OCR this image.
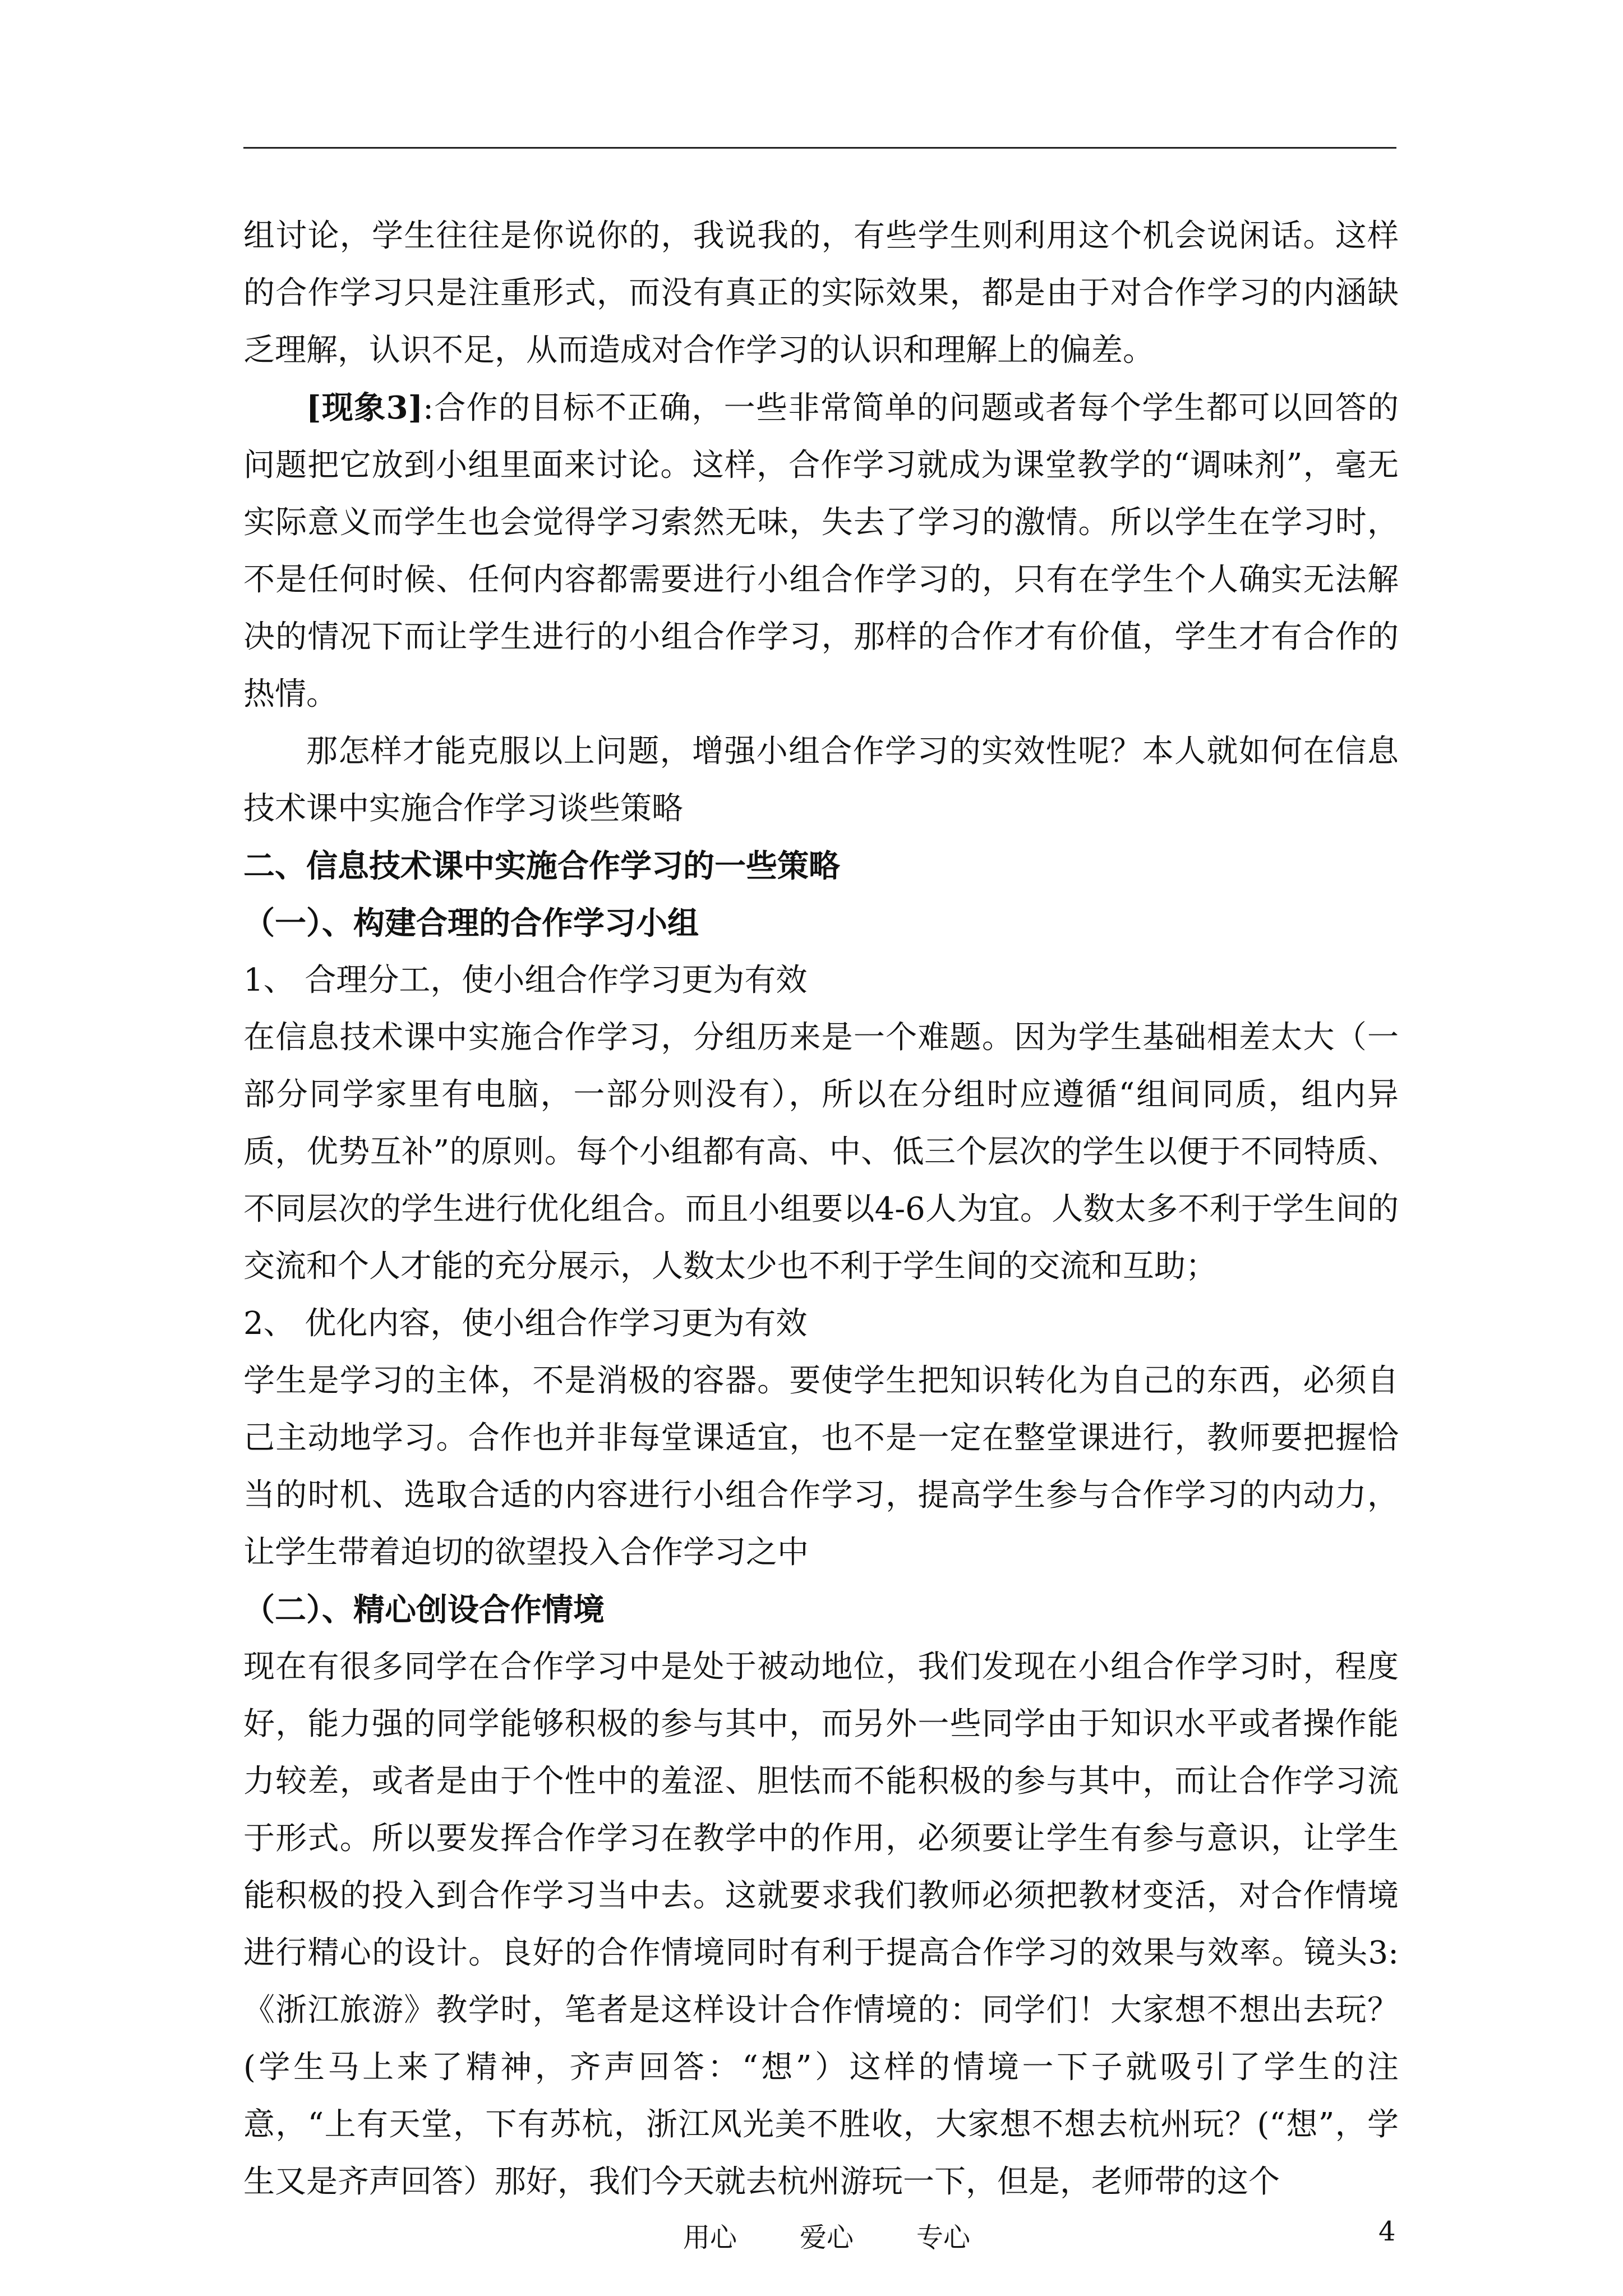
组讨论，学生往往是你说你的，我说我的，有些学生则利用这个机会说闲话。这样的合作学习只是注重形式，而没有真正的实际效果，都是由于对合作学习的内涵缺乏理解，认识不足，从而造成对合作学习的认识和理解上的偏差。

[现象3]:合作的目标不正确，一些非常简单的问题或者每个学生都可以回答的问题把它放到小组里面来讨论。这样，合作学习就成为课堂教学的“调味剂”，毫无实际意义而学生也会觉得学习索然无味，失去了学习的激情。所以学生在学习时，不是任何时候、任何内容都需要进行小组合作学习的，只有在学生个人确实无法解决的情况下而让学生进行的小组合作学习，那样的合作才有价值，学生才有合作的热情。

那怎样才能克服以上问题，增强小组合作学习的实效性呢？本人就如何在信息技术课中实施合作学习谈些策略

二、信息技术课中实施合作学习的一些策略

（一）、构建合理的合作学习小组

1、 合理分工，使小组合作学习更为有效

在信息技术课中实施合作学习，分组历来是一个难题。因为学生基础相差太大（一部分同学家里有电脑，一部分则没有），所以在分组时应遵循“组间同质，组内异质，优势互补”的原则。每个小组都有高、中、低三个层次的学生以便于不同特质、不同层次的学生进行优化组合。而且小组要以4-6人为宜。人数太多不利于学生间的交流和个人才能的充分展示，人数太少也不利于学生间的交流和互助；

2、 优化内容，使小组合作学习更为有效

学生是学习的主体，不是消极的容器。要使学生把知识转化为自己的东西，必须自己主动地学习。合作也并非每堂课适宜，也不是一定在整堂课进行，教师要把握恰当的时机、选取合适的内容进行小组合作学习，提高学生参与合作学习的内动力，让学生带着迫切的欲望投入合作学习之中

（二）、精心创设合作情境

现在有很多同学在合作学习中是处于被动地位，我们发现在小组合作学习时，程度好，能力强的同学能够积极的参与其中，而另外一些同学由于知识水平或者操作能力较差，或者是由于个性中的羞涩、胆怯而不能积极的参与其中，而让合作学习流于形式。所以要发挥合作学习在教学中的作用，必须要让学生有参与意识，让学生能积极的投入到合作学习当中去。这就要求我们教师必须把教材变活，对合作情境进行精心的设计。良好的合作情境同时有利于提高合作学习的效果与效率。镜头3:《浙江旅游》教学时，笔者是这样设计合作情境的：同学们！大家想不想出去玩？(学生马上来了精神，齐声回答：“想”）这样的情境一下子就吸引了学生的注意，“上有天堂，下有苏杭，浙江风光美不胜收，大家想不想去杭州玩？(“想”，学生又是齐声回答）那好，我们今天就去杭州游玩一下，但是，老师带的这个

用心 爱心 专心	4
